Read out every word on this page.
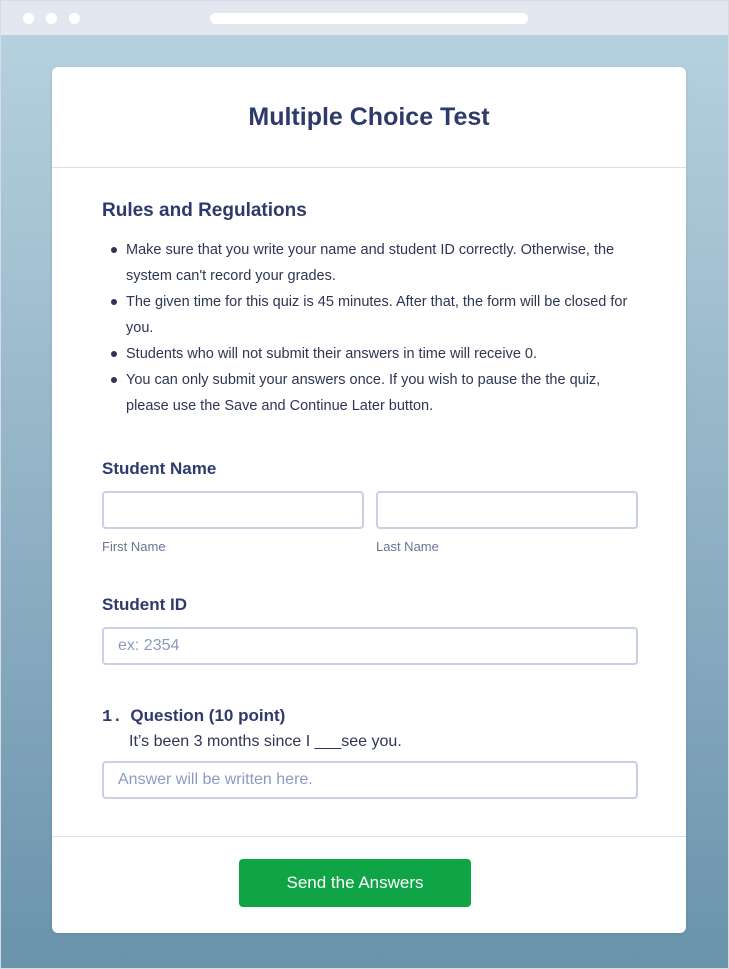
Multiple Choice Test
Rules and Regulations
Make sure that you write your name and student ID correctly. Otherwise, the system can't record your grades.
The given time for this quiz is 45 minutes. After that, the form will be closed for you.
Students who will not submit their answers in time will receive 0.
You can only submit your answers once. If you wish to pause the the quiz, please use the Save and Continue Later button.
Student Name
First Name	Last Name
Student ID
ex: 2354
1. Question (10 point)
It’s been 3 months since I ___see you.
Answer will be written here.
Send the Answers
